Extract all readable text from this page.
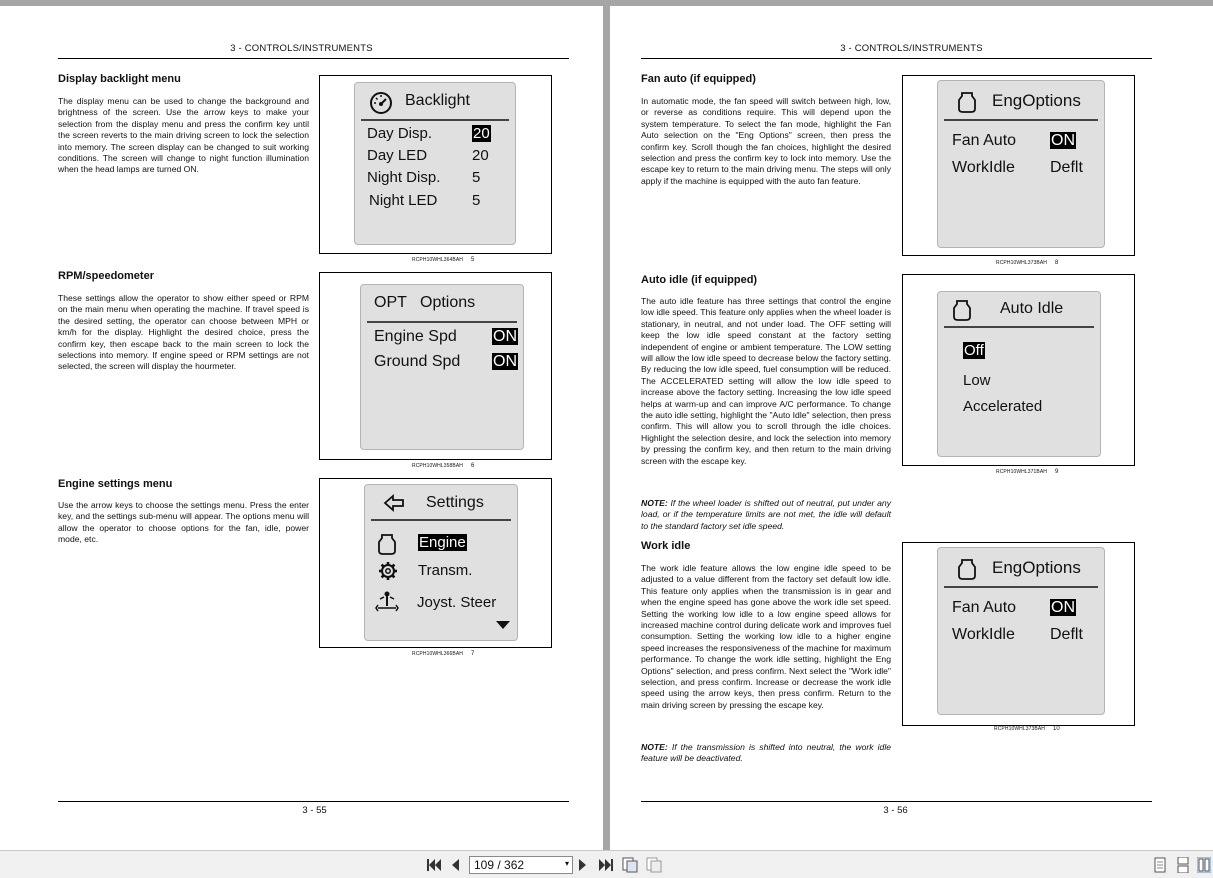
3 - CONTROLS/INSTRUMENTS
Display backlight menu
The display menu can be used to change the background and brightness of the screen. Use the arrow keys to make your selection from the display menu and press the confirm key until the screen reverts to the main driving screen to lock the selection into memory. The screen display can be changed to suit working conditions. The screen will change to night function illumination when the head lamps are turned ON.
Backlight
Day Disp.	20
Day LED	20
Night Disp. 5
Night LED 5
RCPH10WHL364BAH 5
RPM/speedometer
These settings allow the operator to show either speed or RPM on the main menu when operating the machine. If travel speed is the desired setting, the operator can choose between MPH or km/h for the display. Highlight the desired choice, press the confirm key, then escape back to the main screen to lock the selections into memory. If engine speed or RPM settings are not selected, the screen will display the hourmeter.
OPT Options
Engine Spd ON
Ground Spd ON
RCPH10WHL358BAH 6
Engine settings menu
Use the arrow keys to choose the settings menu. Press the enter key, and the settings sub-menu will appear. The options menu will allow the operator to choose options for the fan, idle, power mode, etc.
Settings
Engine
Transm.
Joyst. Steer
RCPH10WHL366BAH 7
3 - 55
3 - CONTROLS/INSTRUMENTS
Fan auto (if equipped)
In automatic mode, the fan speed will switch between high, low, or reverse as conditions require. This will depend upon the system temperature. To select the fan mode, highlight the Fan Auto selection on the "Eng Options" screen, then press the confirm key. Scroll though the fan choices, highlight the desired selection and press the confirm key to lock into memory. Use the escape key to return to the main driving menu. The steps will only apply if the machine is equipped with the auto fan feature.
EngOptions
Fan Auto ON
WorkIdle Deflt
RCPH10WHL373BAH 8
Auto idle (if equipped)
The auto idle feature has three settings that control the engine low idle speed. This feature only applies when the wheel loader is stationary, in neutral, and not under load. The OFF setting will keep the low idle speed constant at the factory setting independent of engine or ambient temperature. The LOW setting will allow the low idle speed to decrease below the factory setting. By reducing the low idle speed, fuel consumption will be reduced. The ACCELERATED setting will allow the low idle speed to increase above the factory setting. Increasing the low idle speed helps at warm-up and can improve A/C performance. To change the auto idle setting, highlight the "Auto Idle" selection, then press confirm. This will allow you to scroll through the idle choices. Highlight the selection desire, and lock the selection into memory by pressing the confirm key, and then return to the main driving screen with the escape key.
NOTE: If the wheel loader is shifted out of neutral, put under any load, or if the temperature limits are not met, the idle will default to the standard factory set idle speed.
Auto Idle
Off
Low
Accelerated
RCPH10WHL371BAH 9
Work idle
The work idle feature allows the low engine idle speed to be adjusted to a value different from the factory set default low idle. This feature only applies when the transmission is in gear and when the engine speed has gone above the work idle set speed. Setting the working low idle to a low engine speed allows for increased machine control during delicate work and improves fuel consumption. Setting the working low idle to a higher engine speed increases the responsiveness of the machine for maximum performance. To change the work idle setting, highlight the Eng Options" selection, and press confirm. Next select the "Work idle" selection, and press confirm. Increase or decrease the work idle speed using the arrow keys, then press confirm. Return to the main driving screen by pressing the escape key.
NOTE: If the transmission is shifted into neutral, the work idle feature will be deactivated.
EngOptions
Fan Auto ON
WorkIdle Deflt
RCPH10WHL373BAH 10
3 - 56
109 / 362	▾
